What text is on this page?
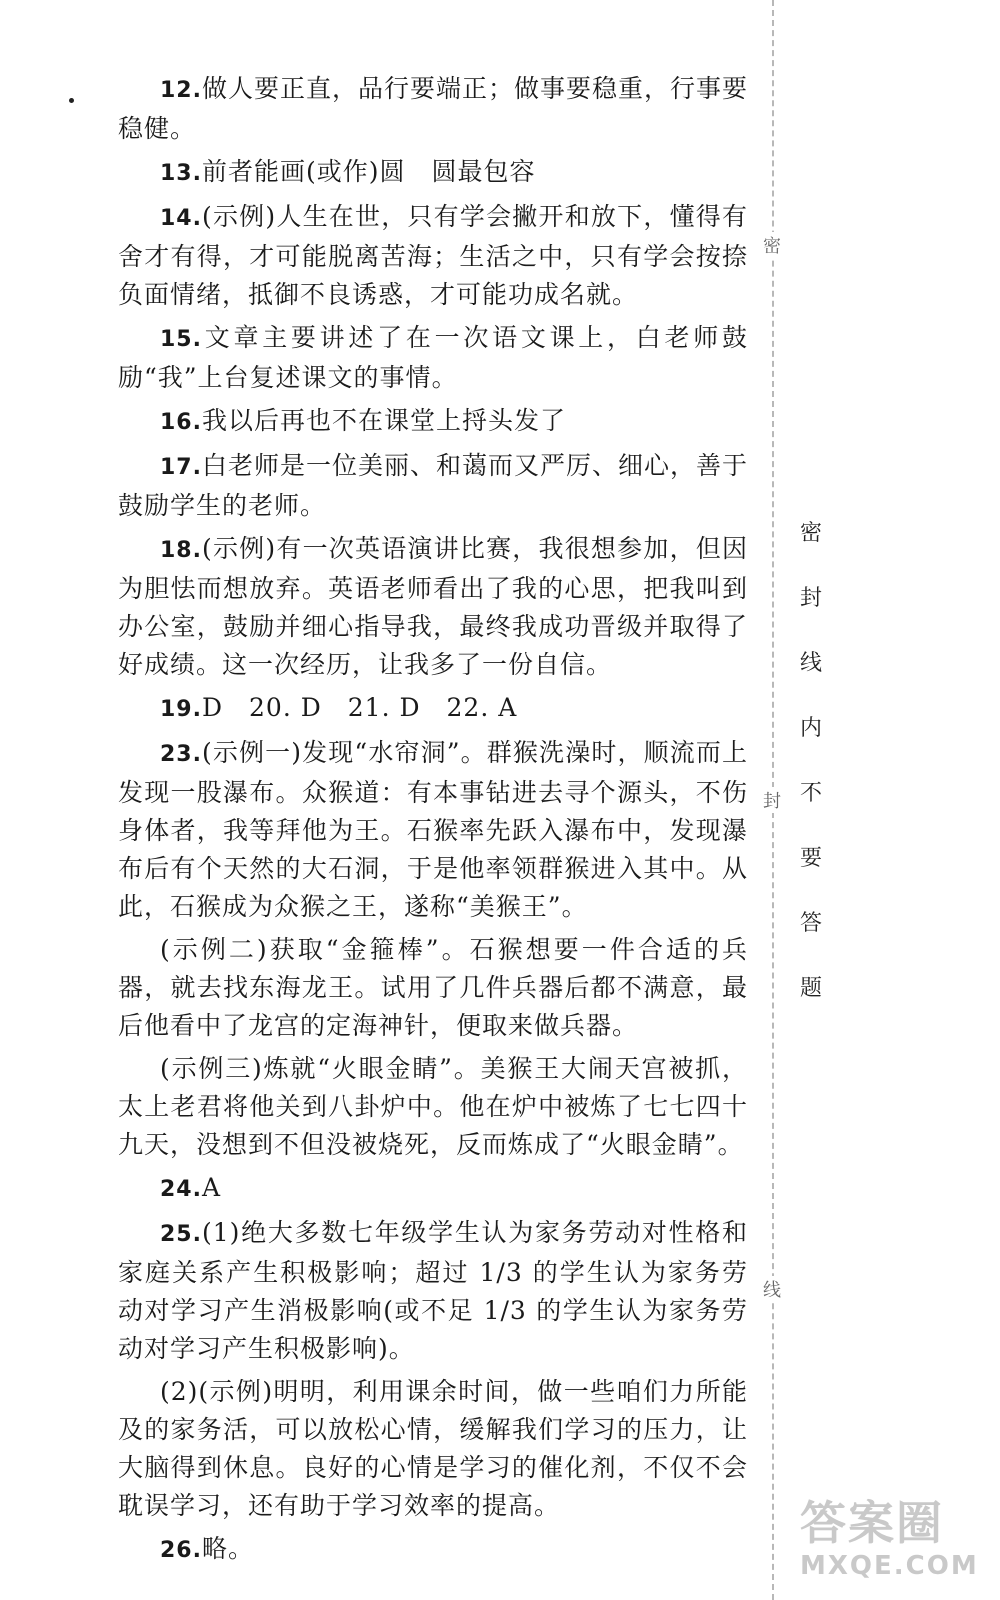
12.做人要正直，品行要端正；做事要稳重，行事要稳健。

13.前者能画(或作)圆　圆最包容

14.(示例)人生在世，只有学会撇开和放下，懂得有舍才有得，才可能脱离苦海；生活之中，只有学会按捺负面情绪，抵御不良诱惑，才可能功成名就。

15.文章主要讲述了在一次语文课上，白老师鼓励“我”上台复述课文的事情。

16.我以后再也不在课堂上捋头发了

17.白老师是一位美丽、和蔼而又严厉、细心，善于鼓励学生的老师。

18.(示例)有一次英语演讲比赛，我很想参加，但因为胆怯而想放弃。英语老师看出了我的心思，把我叫到办公室，鼓励并细心指导我，最终我成功晋级并取得了好成绩。这一次经历，让我多了一份自信。

19.D　20. D　21. D　22. A

23.(示例一)发现“水帘洞”。群猴洗澡时，顺流而上发现一股瀑布。众猴道：有本事钻进去寻个源头，不伤身体者，我等拜他为王。石猴率先跃入瀑布中，发现瀑布后有个天然的大石洞，于是他率领群猴进入其中。从此，石猴成为众猴之王，遂称“美猴王”。

(示例二)获取“金箍棒”。石猴想要一件合适的兵器，就去找东海龙王。试用了几件兵器后都不满意，最后他看中了龙宫的定海神针，便取来做兵器。

(示例三)炼就“火眼金睛”。美猴王大闹天宫被抓，太上老君将他关到八卦炉中。他在炉中被炼了七七四十九天，没想到不但没被烧死，反而炼成了“火眼金睛”。

24.A

25.(1)绝大多数七年级学生认为家务劳动对性格和家庭关系产生积极影响；超过 1/3 的学生认为家务劳动对学习产生消极影响(或不足 1/3 的学生认为家务劳动对学习产生积极影响)。

(2)(示例)明明，利用课余时间，做一些咱们力所能及的家务活，可以放松心情，缓解我们学习的压力，让大脑得到休息。良好的心情是学习的催化剂，不仅不会耽误学习，还有助于学习效率的提高。

26.略。

密
封
线
密
封
线
内
不
要
答
题
答案圈
MXQE.COM
